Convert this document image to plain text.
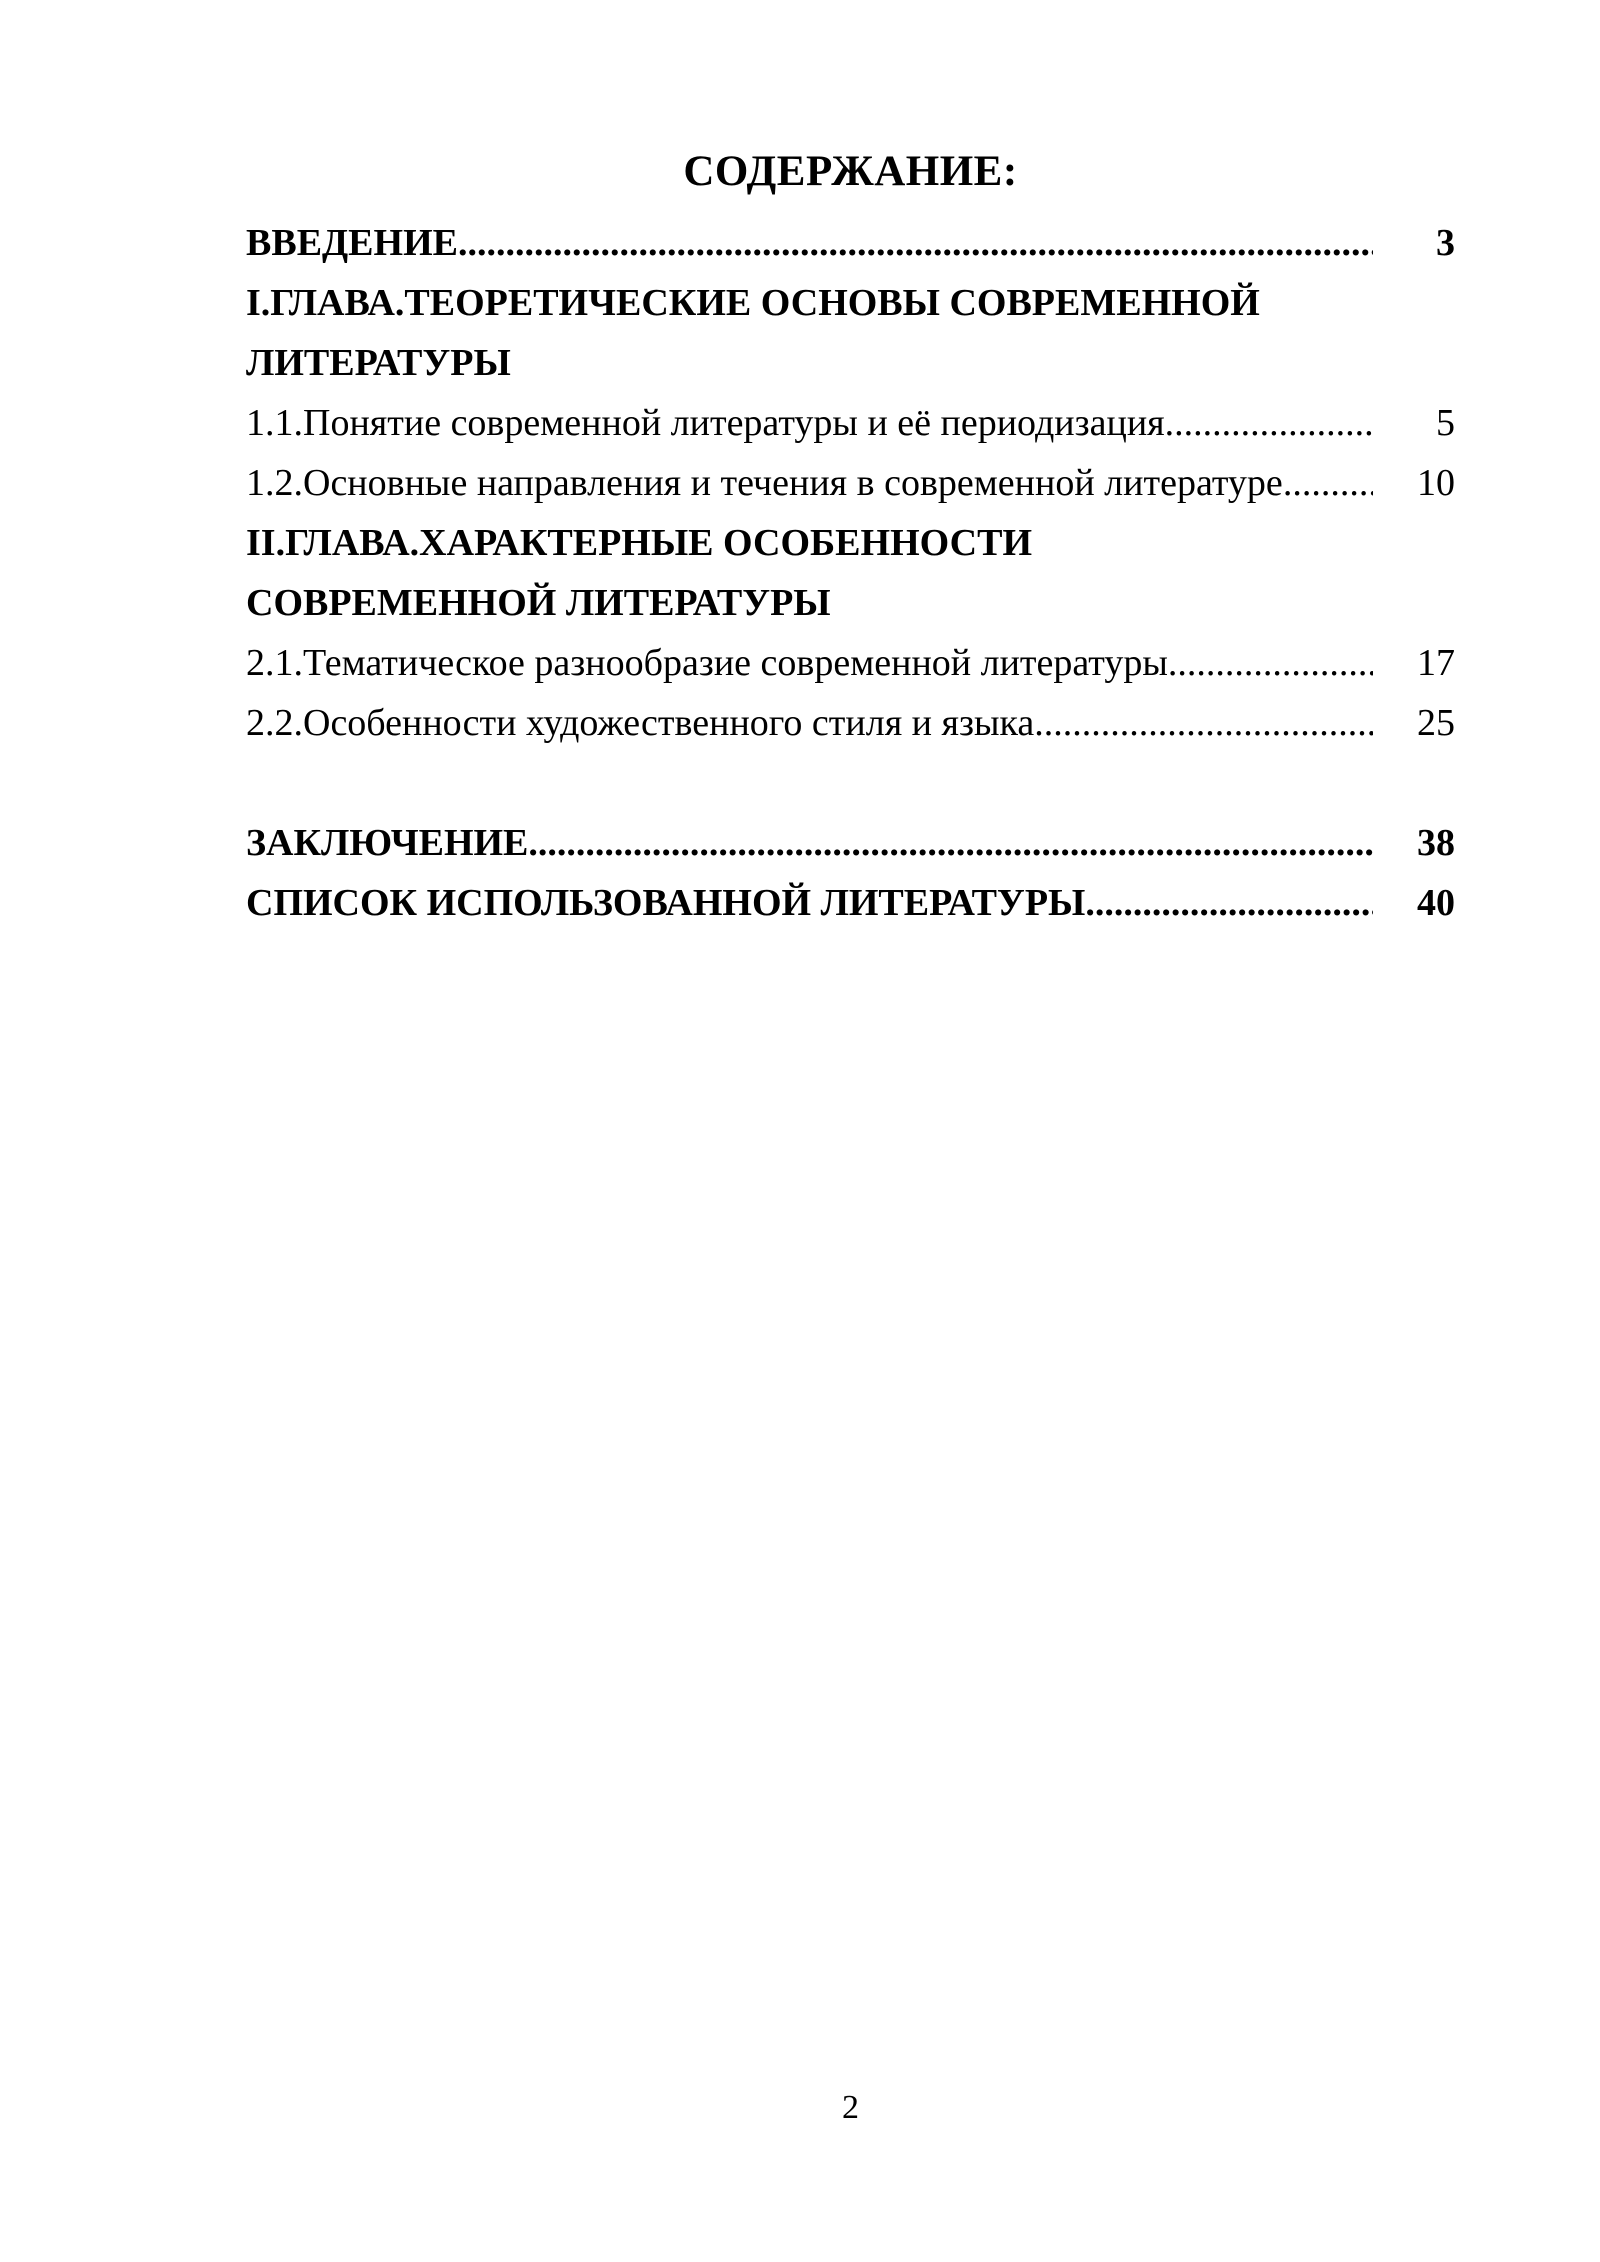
СОДЕРЖАНИЕ:
ВВЕДЕНИЕ .....	3
I.ГЛАВА.ТЕОРЕТИЧЕСКИЕ ОСНОВЫ СОВРЕМЕННОЙ
ЛИТЕРАТУРЫ
1.1.Понятие современной литературы и её периодизация .....	5
1.2.Основные направления и течения в современной литературе .....	10
II.ГЛАВА.ХАРАКТЕРНЫЕ ОСОБЕННОСТИ
СОВРЕМЕННОЙ ЛИТЕРАТУРЫ
2.1.Тематическое разнообразие современной литературы .....	17
2.2.Особенности художественного стиля и языка .....	25
ЗАКЛЮЧЕНИЕ .....	38
СПИСОК ИСПОЛЬЗОВАННОЙ ЛИТЕРАТУРЫ .....	40
2
